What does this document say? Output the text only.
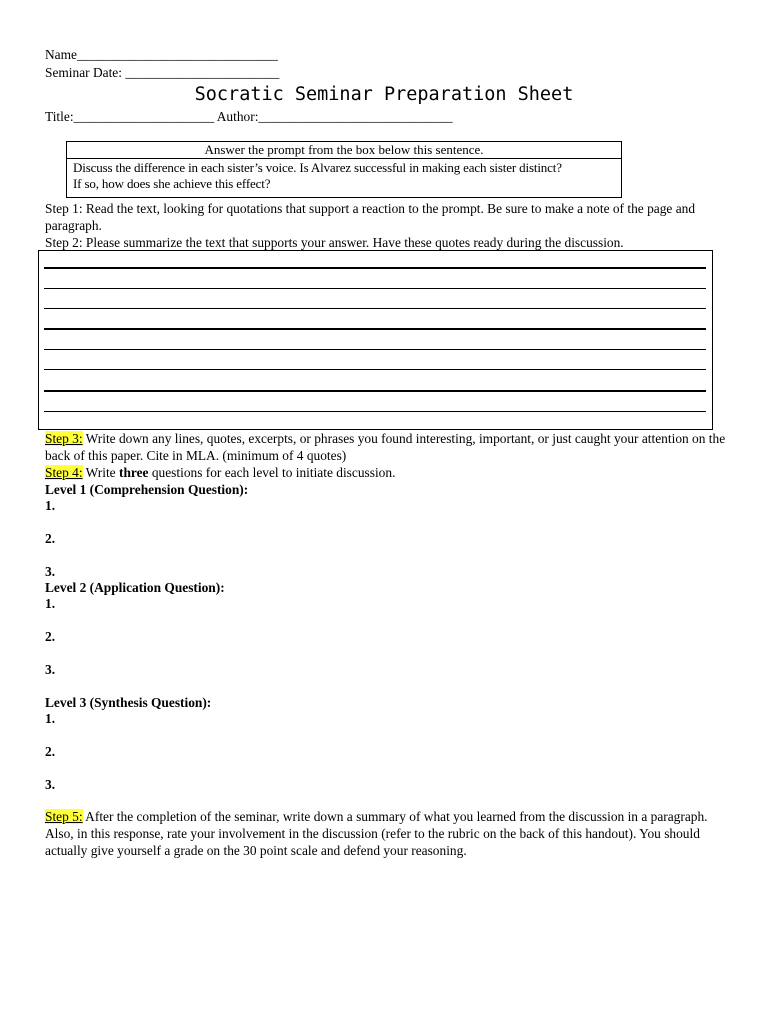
Name______________________________
Seminar Date: _______________________
Socratic Seminar Preparation Sheet
Title:_____________________ Author:_____________________________
Answer the prompt from the box below this sentence.
Discuss the difference in each sister’s voice. Is Alvarez successful in making each sister distinct?
If so, how does she achieve this effect?
Step 1: Read the text, looking for quotations that support a reaction to the prompt. Be sure to make a note of the page and paragraph.
Step 2: Please summarize the text that supports your answer. Have these quotes ready during the discussion.
Step 3: Write down any lines, quotes, excerpts, or phrases you found interesting, important, or just caught your attention on the back of this paper. Cite in MLA. (minimum of 4 quotes)
Step 4: Write three questions for each level to initiate discussion.
Level 1 (Comprehension Question):
1.
2.
3.
Level 2 (Application Question):
1.
2.
3.
Level 3 (Synthesis Question):
1.
2.
3.
Step 5: After the completion of the seminar, write down a summary of what you learned from the discussion in a paragraph. Also, in this response, rate your involvement in the discussion (refer to the rubric on the back of this handout). You should actually give yourself a grade on the 30 point scale and defend your reasoning.
